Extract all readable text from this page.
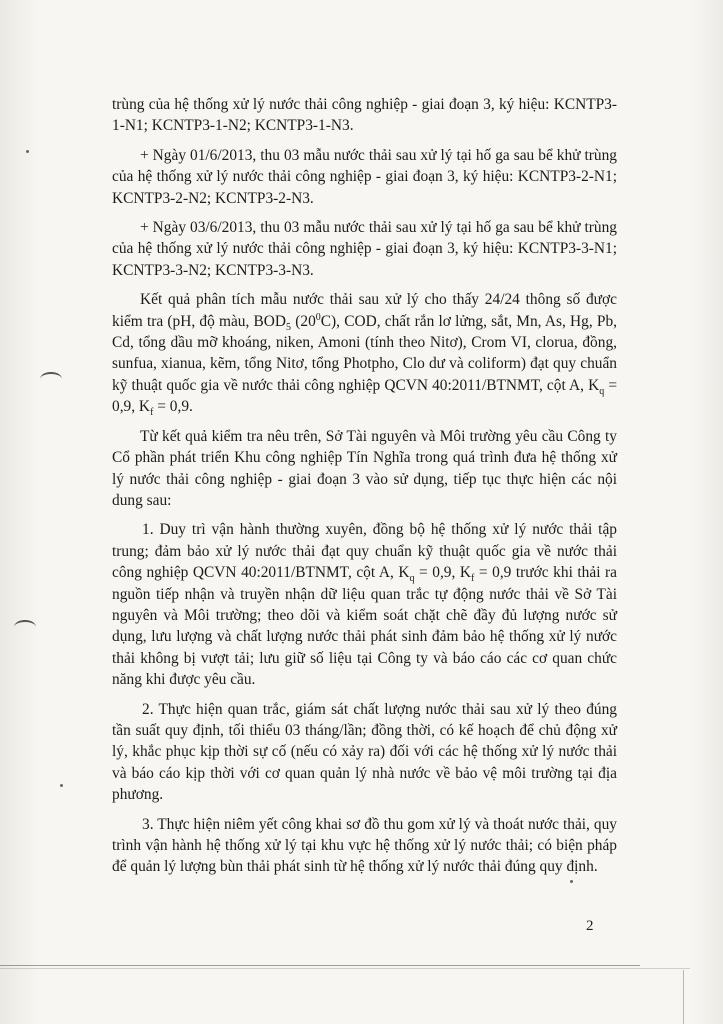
trùng của hệ thống xử lý nước thải công nghiệp - giai đoạn 3, ký hiệu: KCNTP3-1-N1; KCNTP3-1-N2; KCNTP3-1-N3.

+ Ngày 01/6/2013, thu 03 mẫu nước thải sau xử lý tại hố ga sau bể khử trùng của hệ thống xử lý nước thải công nghiệp - giai đoạn 3, ký hiệu: KCNTP3-2-N1; KCNTP3-2-N2; KCNTP3-2-N3.

+ Ngày 03/6/2013, thu 03 mẫu nước thải sau xử lý tại hố ga sau bể khử trùng của hệ thống xử lý nước thải công nghiệp - giai đoạn 3, ký hiệu: KCNTP3-3-N1; KCNTP3-3-N2; KCNTP3-3-N3.

Kết quả phân tích mẫu nước thải sau xử lý cho thấy 24/24 thông số được kiểm tra (pH, độ màu, $BOD_5$ $(20^0C)$, COD, chất rắn lơ lửng, sắt, Mn, As, Hg, Pb, Cd, tổng dầu mỡ khoáng, niken, Amoni (tính theo Nitơ), Crom VI, clorua, đồng, sunfua, xianua, kẽm, tổng Nitơ, tổng Photpho, Clo dư và coliform) đạt quy chuẩn kỹ thuật quốc gia về nước thải công nghiệp QCVN 40:2011/BTNMT, cột A, $K_q = 0,9$, $K_f = 0,9$.

Từ kết quả kiểm tra nêu trên, Sở Tài nguyên và Môi trường yêu cầu Công ty Cổ phần phát triển Khu công nghiệp Tín Nghĩa trong quá trình đưa hệ thống xử lý nước thải công nghiệp - giai đoạn 3 vào sử dụng, tiếp tục thực hiện các nội dung sau:

1. Duy trì vận hành thường xuyên, đồng bộ hệ thống xử lý nước thải tập trung; đảm bảo xử lý nước thải đạt quy chuẩn kỹ thuật quốc gia về nước thải công nghiệp QCVN 40:2011/BTNMT, cột A, $K_q = 0,9$, $K_f = 0,9$ trước khi thải ra nguồn tiếp nhận và truyền nhận dữ liệu quan trắc tự động nước thải về Sở Tài nguyên và Môi trường; theo dõi và kiểm soát chặt chẽ đầy đủ lượng nước sử dụng, lưu lượng và chất lượng nước thải phát sinh đảm bảo hệ thống xử lý nước thải không bị vượt tải; lưu giữ số liệu tại Công ty và báo cáo các cơ quan chức năng khi được yêu cầu.

2. Thực hiện quan trắc, giám sát chất lượng nước thải sau xử lý theo đúng tần suất quy định, tối thiểu 03 tháng/lần; đồng thời, có kế hoạch để chủ động xử lý, khắc phục kịp thời sự cố (nếu có xảy ra) đối với các hệ thống xử lý nước thải và báo cáo kịp thời với cơ quan quản lý nhà nước về bảo vệ môi trường tại địa phương.

3. Thực hiện niêm yết công khai sơ đồ thu gom xử lý và thoát nước thải, quy trình vận hành hệ thống xử lý tại khu vực hệ thống xử lý nước thải; có biện pháp để quản lý lượng bùn thải phát sinh từ hệ thống xử lý nước thải đúng quy định.

2
